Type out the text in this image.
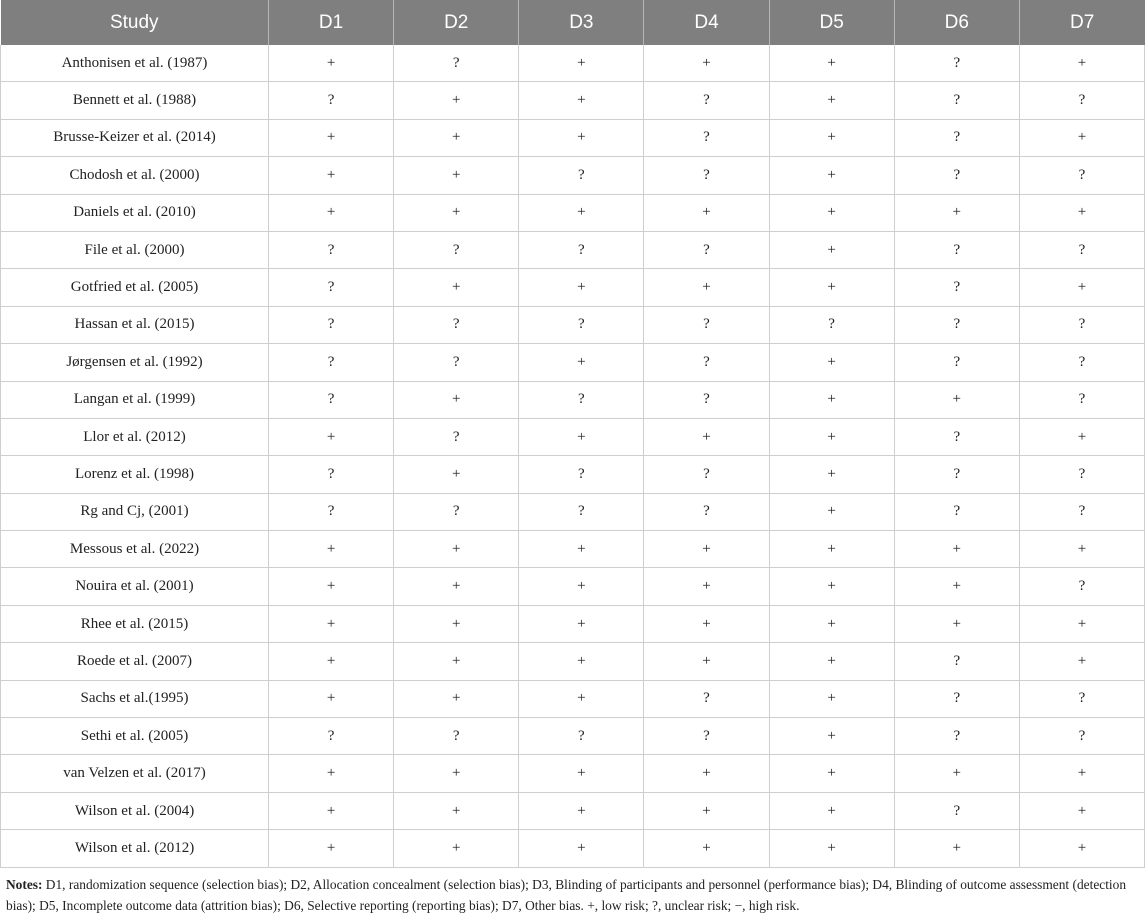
Study	D1	D2	D3	D4	D5	D6	D7
Anthonisen et al. (1987)	+	?	+	+	+	?	+
Bennett et al. (1988)	?	+	+	?	+	?	?
Brusse-Keizer et al. (2014)	+	+	+	?	+	?	+
Chodosh et al. (2000)	+	+	?	?	+	?	?
Daniels et al. (2010)	+	+	+	+	+	+	+
File et al. (2000)	?	?	?	?	+	?	?
Gotfried et al. (2005)	?	+	+	+	+	?	+
Hassan et al. (2015)	?	?	?	?	?	?	?
Jørgensen et al. (1992)	?	?	+	?	+	?	?
Langan et al. (1999)	?	+	?	?	+	+	?
Llor et al. (2012)	+	?	+	+	+	?	+
Lorenz et al. (1998)	?	+	?	?	+	?	?
Rg and Cj, (2001)	?	?	?	?	+	?	?
Messous et al. (2022)	+	+	+	+	+	+	+
Nouira et al. (2001)	+	+	+	+	+	+	?
Rhee et al. (2015)	+	+	+	+	+	+	+
Roede et al. (2007)	+	+	+	+	+	?	+
Sachs et al.(1995)	+	+	+	?	+	?	?
Sethi et al. (2005)	?	?	?	?	+	?	?
van Velzen et al. (2017)	+	+	+	+	+	+	+
Wilson et al. (2004)	+	+	+	+	+	?	+
Wilson et al. (2012)	+	+	+	+	+	+	+
Notes: D1, randomization sequence (selection bias); D2, Allocation concealment (selection bias); D3, Blinding of participants and personnel (performance bias); D4, Blinding of outcome assessment (detection bias); D5, Incomplete outcome data (attrition bias); D6, Selective reporting (reporting bias); D7, Other bias. +, low risk; ?, unclear risk; −, high risk.
